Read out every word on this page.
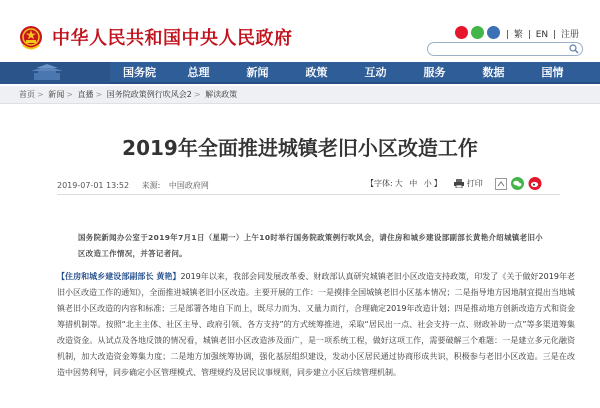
中华人民共和国中央人民政府	| 繁 | EN | 注册
国务院	总理	新闻	政策	互动	服务	数据	国情
首页 > 新闻 > 直播 > 国务院政策例行吹风会2 > 解读政策
2019年全面推进城镇老旧小区改造工作
2019-07-01 13:52 来源: 中国政府网	【字体: 大 中 小 】	打印

国务院新闻办公室于2019年7月1日（星期一）上午10时举行国务院政策例行吹风会，请住房和城乡建设部副部长黄艳介绍城镇老旧小区改造工作情况，并答记者问。

【住房和城乡建设部副部长 黄艳】2019年以来，我部会同发展改革委、财政部认真研究城镇老旧小区改造支持政策，印发了《关于做好2019年老旧小区改造工作的通知》，全面推进城镇老旧小区改造。主要开展的工作：一是摸排全国城镇老旧小区基本情况；二是指导地方因地制宜提出当地城镇老旧小区改造的内容和标准；三是部署各地自下而上，既尽力而为、又量力而行，合理确定2019年改造计划；四是推动地方创新改造方式和资金筹措机制等。按照“北主主体、社区主导、政府引领、各方支持”的方式统筹推进，采取“居民出一点、社会支持一点、财政补助一点”等多渠道筹集改造资金。从试点及各地反馈的情况看，城镇老旧小区改造涉及面广，是一项系统工程，做好这项工作，需要破解三个难题：一是建立多元化融资机制，加大改造资金筹集力度；二是地方加强统筹协调，强化基层组织建设，发动小区居民通过协商形成共识，积极参与老旧小区改造。三是在改造中因势利导，同步确定小区管理模式、管理规约及居民议事规则，同步建立小区后续管理机制。
